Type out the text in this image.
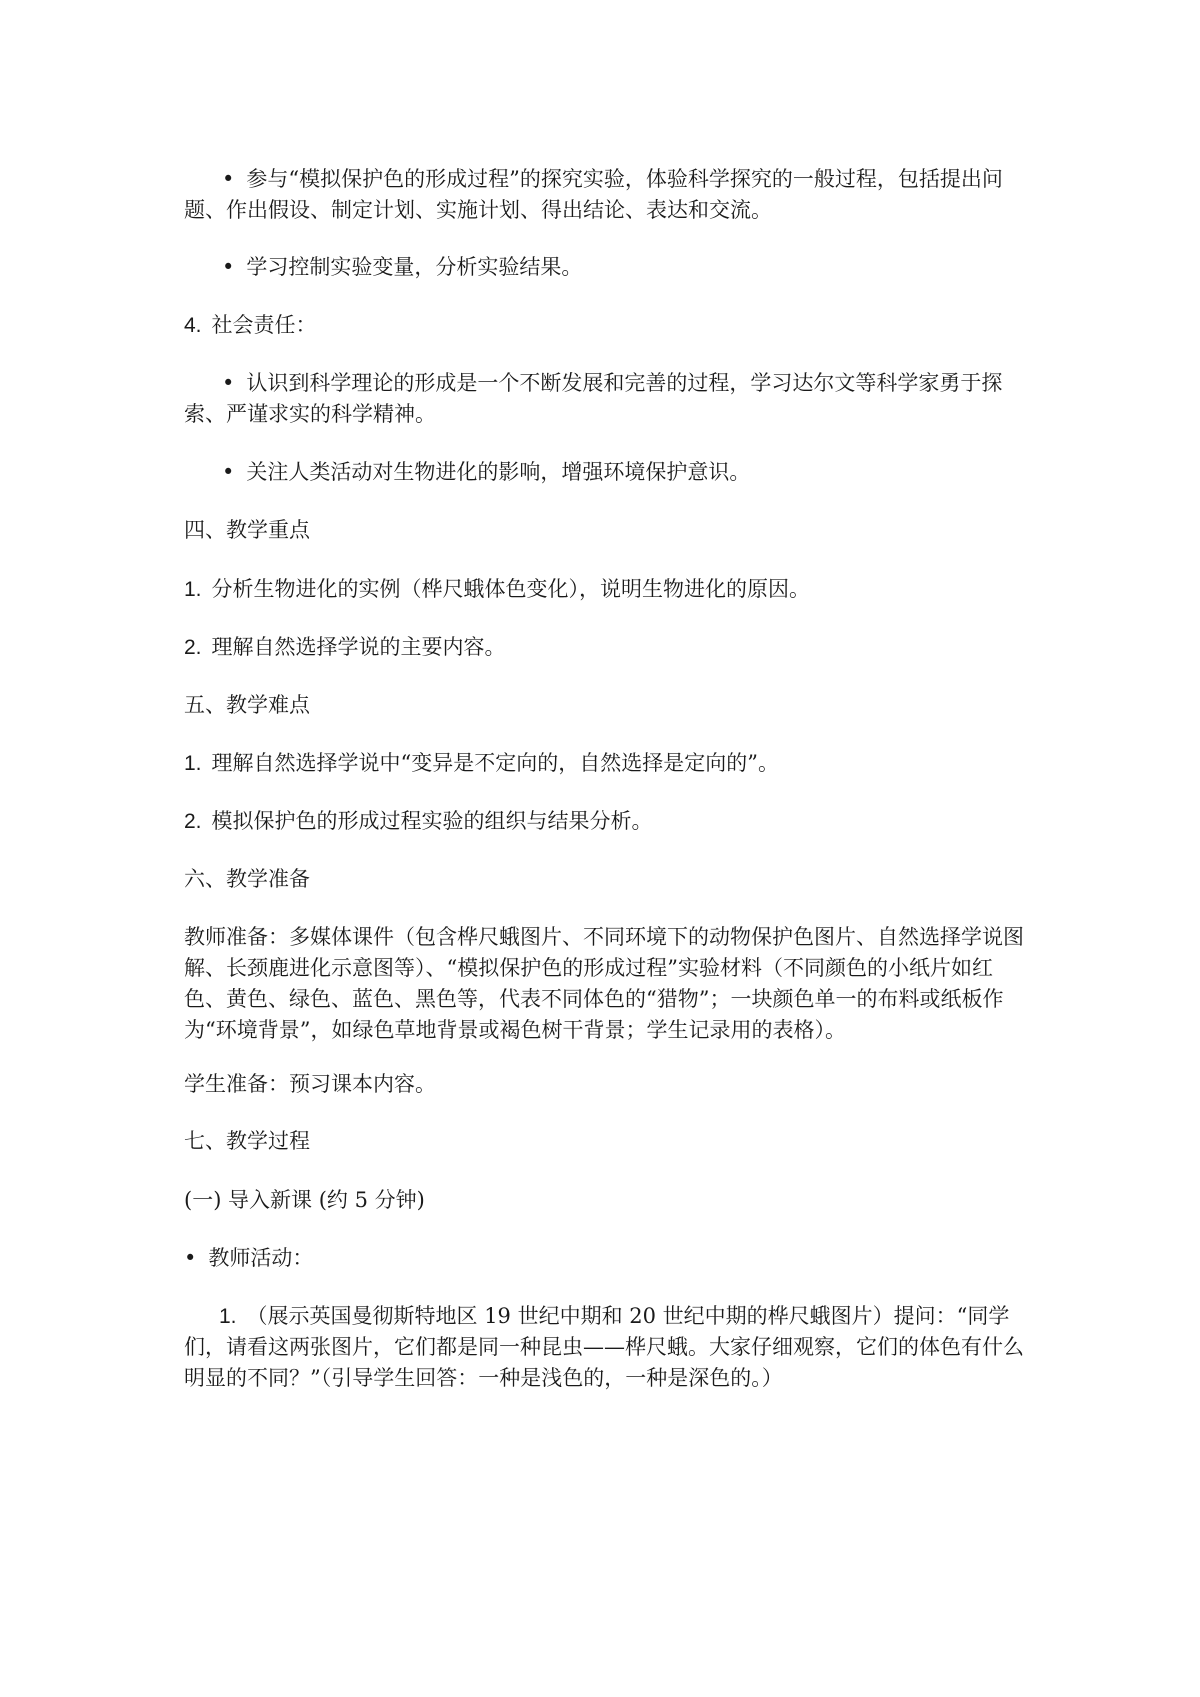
• 参与“模拟保护色的形成过程”的探究实验，体验科学探究的一般过程，包括提出问题、作出假设、制定计划、实施计划、得出结论、表达和交流。

• 学习控制实验变量，分析实验结果。

4. 社会责任：

• 认识到科学理论的形成是一个不断发展和完善的过程，学习达尔文等科学家勇于探索、严谨求实的科学精神。

• 关注人类活动对生物进化的影响，增强环境保护意识。

四、教学重点

1. 分析生物进化的实例（桦尺蛾体色变化），说明生物进化的原因。

2. 理解自然选择学说的主要内容。

五、教学难点

1. 理解自然选择学说中“变异是不定向的，自然选择是定向的”。

2. 模拟保护色的形成过程实验的组织与结果分析。

六、教学准备

教师准备：多媒体课件（包含桦尺蛾图片、不同环境下的动物保护色图片、自然选择学说图解、长颈鹿进化示意图等）、“模拟保护色的形成过程”实验材料（不同颜色的小纸片如红色、黄色、绿色、蓝色、黑色等，代表不同体色的“猎物”；一块颜色单一的布料或纸板作为“环境背景”，如绿色草地背景或褐色树干背景；学生记录用的表格）。

学生准备：预习课本内容。

七、教学过程

(一) 导入新课 (约 5 分钟)

• 教师活动：

1. （展示英国曼彻斯特地区 19 世纪中期和 20 世纪中期的桦尺蛾图片）提问：“同学们，请看这两张图片，它们都是同一种昆虫——桦尺蛾。大家仔细观察，它们的体色有什么明显的不同？”（引导学生回答：一种是浅色的，一种是深色的。）
